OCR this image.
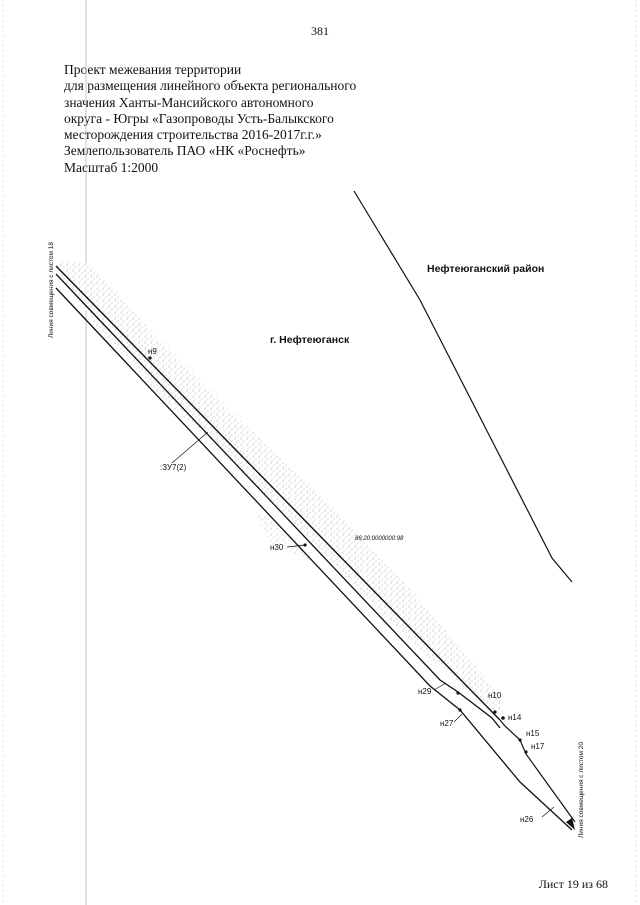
381
Проект межевания территории
для размещения линейного объекта регионального
значения Ханты-Мансийского автономного
округа - Югры «Газопроводы Усть-Балыкского
месторождения строительства 2016-2017г.г.»
Землепользователь ПАО «НК «Роснефть»
Масштаб 1:2000
Нефтеюганский район
г. Нефтеюганск
:ЗУ7(2)
86:20:0000000:98
н9
н30
н29
н27
н10
н14
н15
н17
н26
Линия совмещения с листом 18
Линия совмещения с листом 20
Лист 19 из 68
